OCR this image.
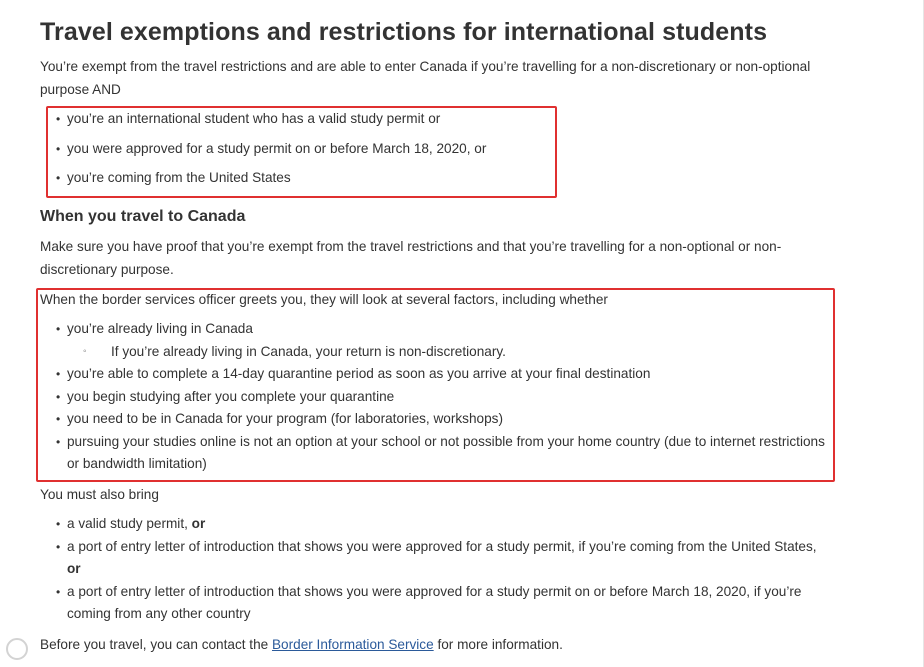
Travel exemptions and restrictions for international students

You’re exempt from the travel restrictions and are able to enter Canada if you’re travelling for a non-discretionary or non-optional purpose AND

• you’re an international student who has a valid study permit or
• you were approved for a study permit on or before March 18, 2020, or
• you’re coming from the United States
When you travel to Canada

Make sure you have proof that you’re exempt from the travel restrictions and that you’re travelling for a non-optional or non-discretionary purpose.

When the border services officer greets you, they will look at several factors, including whether

• you’re already living in Canada
◦ If you’re already living in Canada, your return is non-discretionary.
• you’re able to complete a 14-day quarantine period as soon as you arrive at your final destination
• you begin studying after you complete your quarantine
• you need to be in Canada for your program (for laboratories, workshops)
• pursuing your studies online is not an option at your school or not possible from your home country (due to internet restrictions or bandwidth limitation)

You must also bring

• a valid study permit, or
• a port of entry letter of introduction that shows you were approved for a study permit, if you’re coming from the United States, or
• a port of entry letter of introduction that shows you were approved for a study permit on or before March 18, 2020, if you’re coming from any other country

Before you travel, you can contact the Border Information Service for more information.
